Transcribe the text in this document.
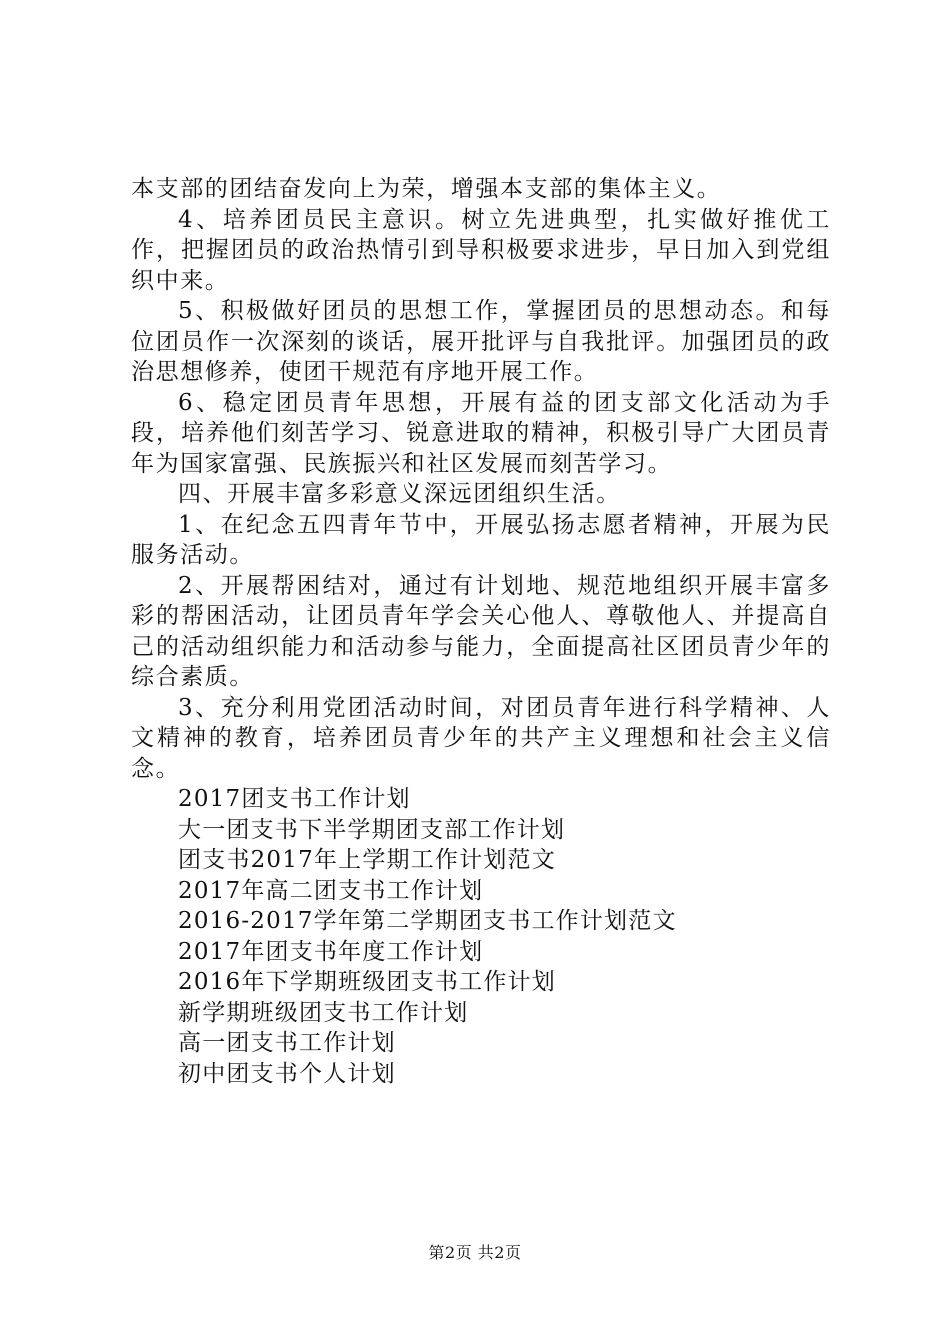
本支部的团结奋发向上为荣，增强本支部的集体主义。

4、培养团员民主意识。树立先进典型，扎实做好推优工作，把握团员的政治热情引到导积极要求进步，早日加入到党组织中来。

5、积极做好团员的思想工作，掌握团员的思想动态。和每位团员作一次深刻的谈话，展开批评与自我批评。加强团员的政治思想修养，使团干规范有序地开展工作。

6、稳定团员青年思想，开展有益的团支部文化活动为手段，培养他们刻苦学习、锐意进取的精神，积极引导广大团员青年为国家富强、民族振兴和社区发展而刻苦学习。

四、开展丰富多彩意义深远团组织生活。

1、在纪念五四青年节中，开展弘扬志愿者精神，开展为民服务活动。

2、开展帮困结对，通过有计划地、规范地组织开展丰富多彩的帮困活动，让团员青年学会关心他人、尊敬他人、并提高自己的活动组织能力和活动参与能力，全面提高社区团员青少年的综合素质。

3、充分利用党团活动时间，对团员青年进行科学精神、人文精神的教育，培养团员青少年的共产主义理想和社会主义信念。

2017团支书工作计划
大一团支书下半学期团支部工作计划
团支书2017年上学期工作计划范文
2017年高二团支书工作计划
2016-2017学年第二学期团支书工作计划范文
2017年团支书年度工作计划
2016年下学期班级团支书工作计划
新学期班级团支书工作计划
高一团支书工作计划
初中团支书个人计划
第2页 共2页
